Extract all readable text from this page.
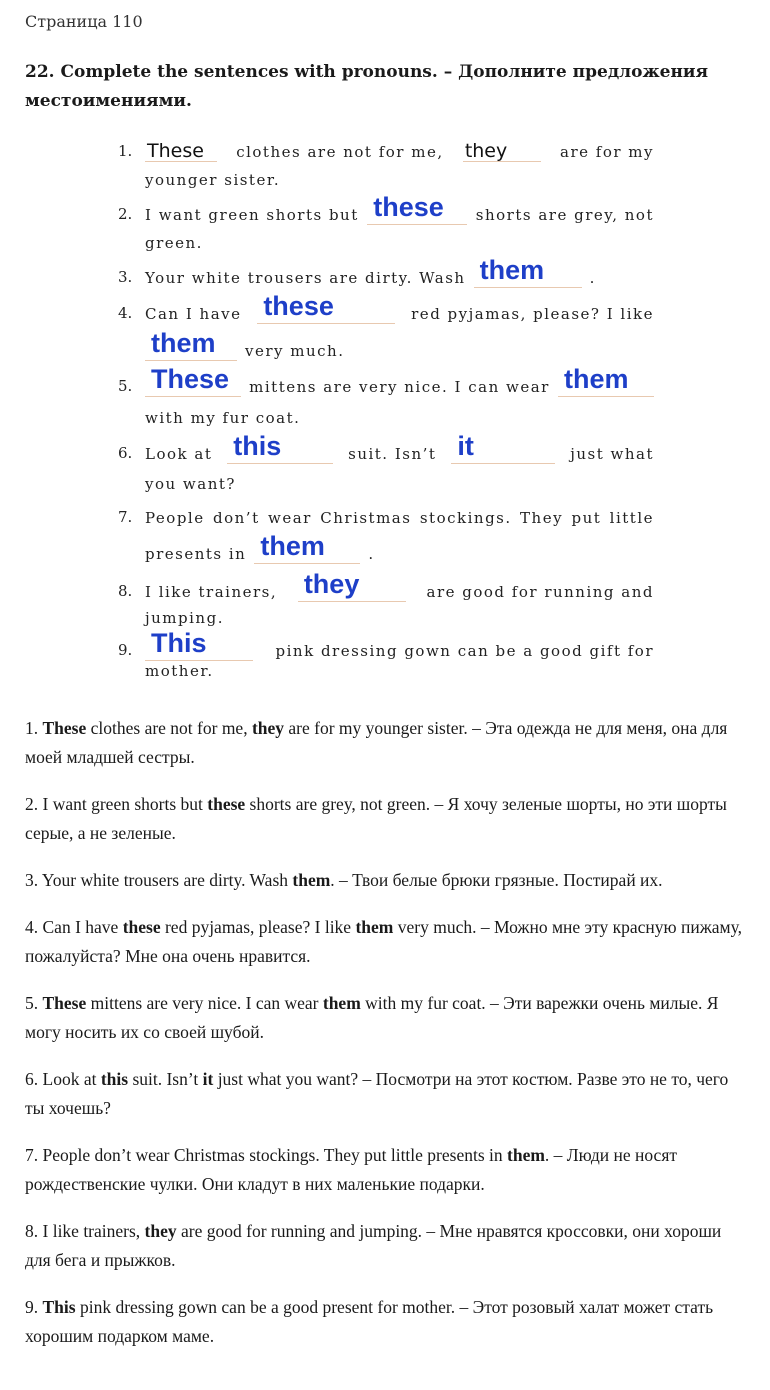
Страница 110
22. Complete the sentences with pronouns. – Дополните предложения местоимениями.
1. These clothes are not for me, they	are for my
younger sister.
2. I want green shorts but these shorts are grey, not
green.
3. Your white trousers are dirty. Wash them	.
4. Can I have these	red pyjamas, please? I like
them very much.
5. These mittens are very nice. I can wear them
with my fur coat.
6. Look at this	suit. Isn’t it	just what
you want?
7. People don’t wear Christmas stockings. They put little
presents in them	.
8. I like trainers, they	are good for running and
jumping.
9. This	pink dressing gown can be a good gift for
mother.

1. These clothes are not for me, they are for my younger sister. – Эта одежда не для меня, она для моей младшей сестры.

2. I want green shorts but these shorts are grey, not green. – Я хочу зеленые шорты, но эти шорты серые, а не зеленые.

3. Your white trousers are dirty. Wash them. – Твои белые брюки грязные. Постирай их.

4. Can I have these red pyjamas, please? I like them very much. – Можно мне эту красную пижаму, пожалуйста? Мне она очень нравится.

5. These mittens are very nice. I can wear them with my fur coat. – Эти варежки очень милые. Я могу носить их со своей шубой.

6. Look at this suit. Isn’t it just what you want? – Посмотри на этот костюм. Разве это не то, чего ты хочешь?

7. People don’t wear Christmas stockings. They put little presents in them. – Люди не носят рождественские чулки. Они кладут в них маленькие подарки.

8. I like trainers, they are good for running and jumping. – Мне нравятся кроссовки, они хороши для бега и прыжков.

9. This pink dressing gown can be a good present for mother. – Этот розовый халат может стать хорошим подарком маме.
